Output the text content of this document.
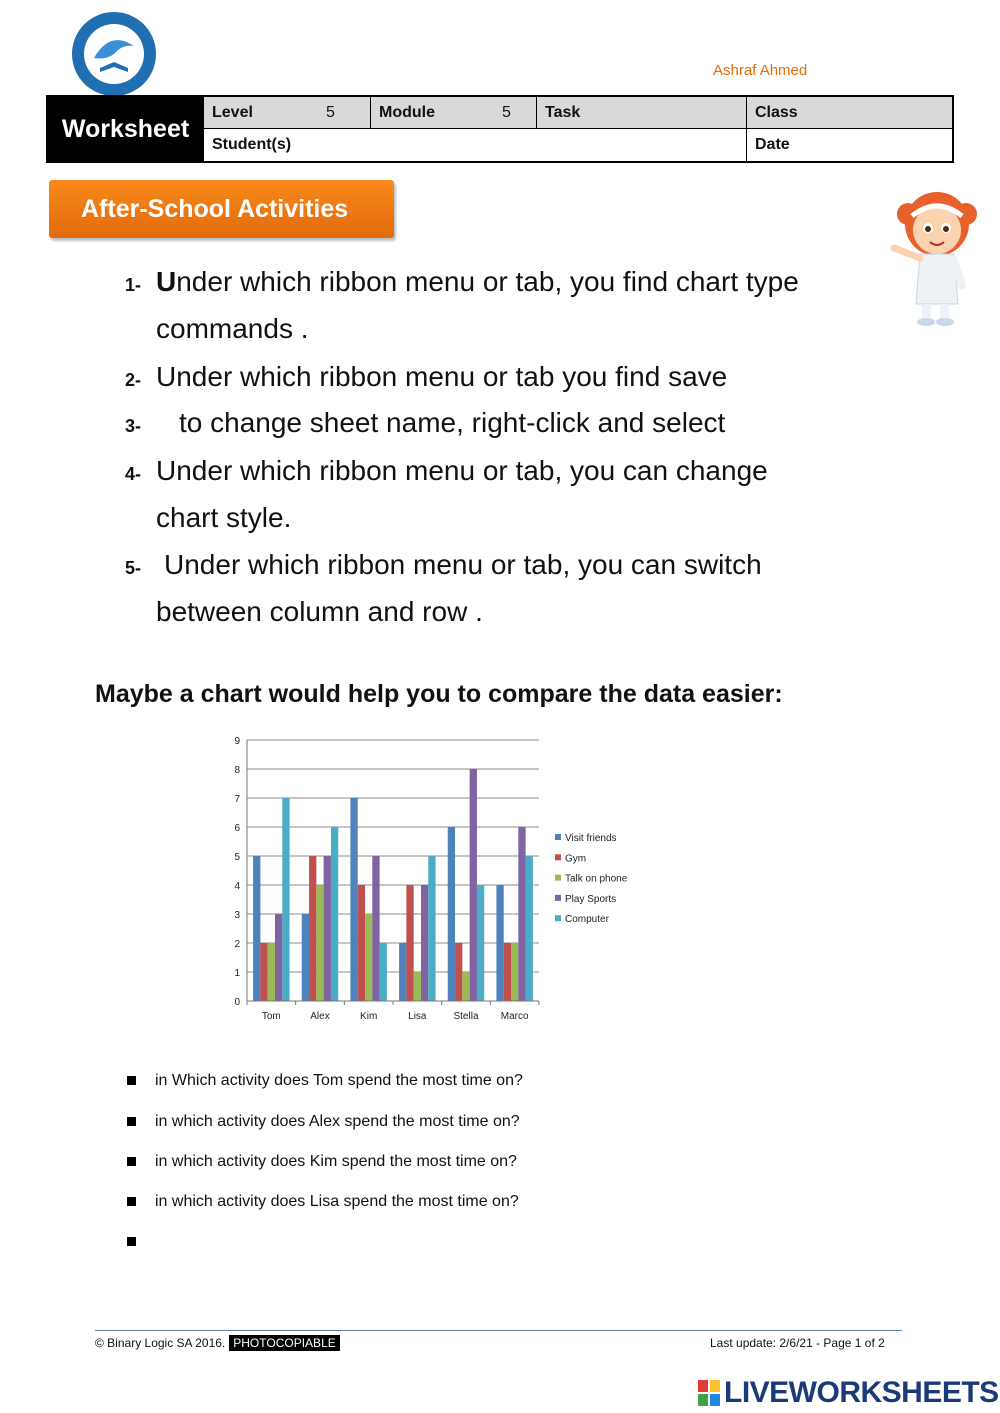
Ashraf Ahmed
Worksheet
Level	5	Module	5 Task	Class
Student(s)	Date
After-School Activities
1- Under which ribbon menu or tab, you find chart type
commands .
2- Under which ribbon menu or tab you find save
3- to change sheet name, right-click and select
4- Under which ribbon menu or tab, you can change
chart style.
5- Under which ribbon menu or tab, you can switch
between column and row .
Maybe a chart would help you to compare the data easier:
0
1
2
3
4
5
6
7
8
9
Tom	Alex	Kim	Lisa	Stella Marco
Visit friends
Gym
Talk on phone
Play Sports
Computer
in Which activity does Tom spend the most time on?
in which activity does Alex spend the most time on?
in which activity does Kim spend the most time on?
in which activity does Lisa spend the most time on?
© Binary Logic SA 2016. PHOTOCOPIABLE	Last update: 2/6/21 - Page 1 of 2
LIVEWORKSHEETS
